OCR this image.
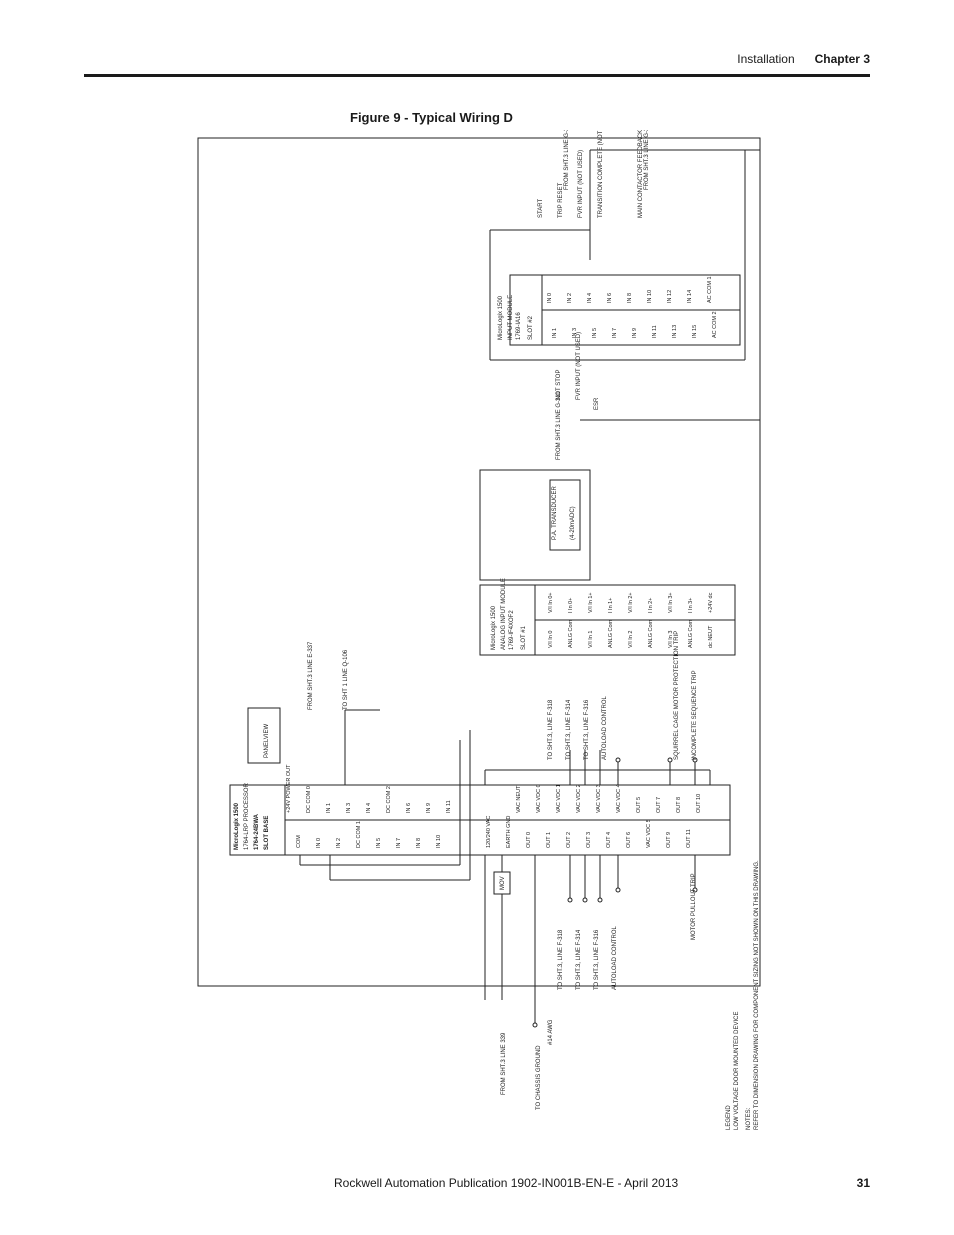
Installation Chapter 3
Figure 9 - Typical Wiring D
MicroLogix 1500 INPUT MODULE 1769-IA16 SLOT #2
START TRIP RESET FVR INPUT (NOT USED) TRANSITION COMPLETE (NOT USED)	MAIN CONTACTOR FEEDBACK
FROM SHT.3 LINE G-325	FROM SHT.3 LINE G-327
NOT STOP FVR INPUT (NOT USED)
FROM SHT.3 LINE G-311	ESR
MicroLogix 1500 ANALOG INPUT MODULE 1769-IF4XOF2 SLOT #1
P.A. TRANSDUCER (4-20mADC)
MicroLogix 1500 1764-LRP PROCESSOR 1764-24BWA SLOT BASE
PANELVIEW
FROM SHT.3 LINE E-337	TO SHT 1 LINE Q-106
TO SHT.3, LINE F-318 TO SHT.3, LINE F-314 TO SHT.3, LINE F-316 AUTOLOAD CONTROL	SQUIRREL CAGE MOTOR PROTECTION TRIP INCOMPLETE SEQUENCE TRIP
TO SHT.3, LINE F-318 TO SHT.3, LINE F-314 TO SHT.3, LINE F-316 AUTOLOAD CONTROL
MOTOR PULLOUT TRIP
MOV
FROM SHT.3 LINE 339	TO CHASSIS GROUND
#14 AWG
LEGEND LOW VOLTAGE DOOR MOUNTED DEVICE NOTES: REFER TO DIMENSION DRAWING FOR COMPONENT SIZING NOT SHOWN ON THIS DRAWING.
IN 1	IN 3	IN 5	IN 7	IN 9	IN 11	IN 13	IN 15	AC COM 2
IN 0	IN 2	IN 4	IN 6	IN 8	IN 10	IN 12	IN 14	AC COM 1
V/I In 0	ANLG Com	V/I In 1	ANLG Com	V/I In 2	ANLG Com	V/I In 3	ANLG Com	dc NEUT
V/I In 0+	I In 0+	V/I In 1+	I In 1+	V/I In 2+	I In 2+	V/I In 3+	I In 3+	+24V dc
COM	IN 0	IN 2	DC COM 1	IN 5	IN 7	IN 8	IN 10
+24V POWER OUT	DC COM 0	IN 1	IN 3	IN 4	DC COM 2	IN 6	IN 9	IN 11
120/240 VAC	EARTH GND	OUT 0	OUT 1	OUT 2	OUT 3	OUT 4	OUT 6	VAC VDC 5	OUT 9	OUT 11
VAC NEUT	VAC VDC 0	VAC VDC 1	VAC VDC 2	VAC VDC 3	VAC VDC 4	OUT 5	OUT 7	OUT 8	OUT 10
Rockwell Automation Publication 1902-IN001B-EN-E - April 2013	31
